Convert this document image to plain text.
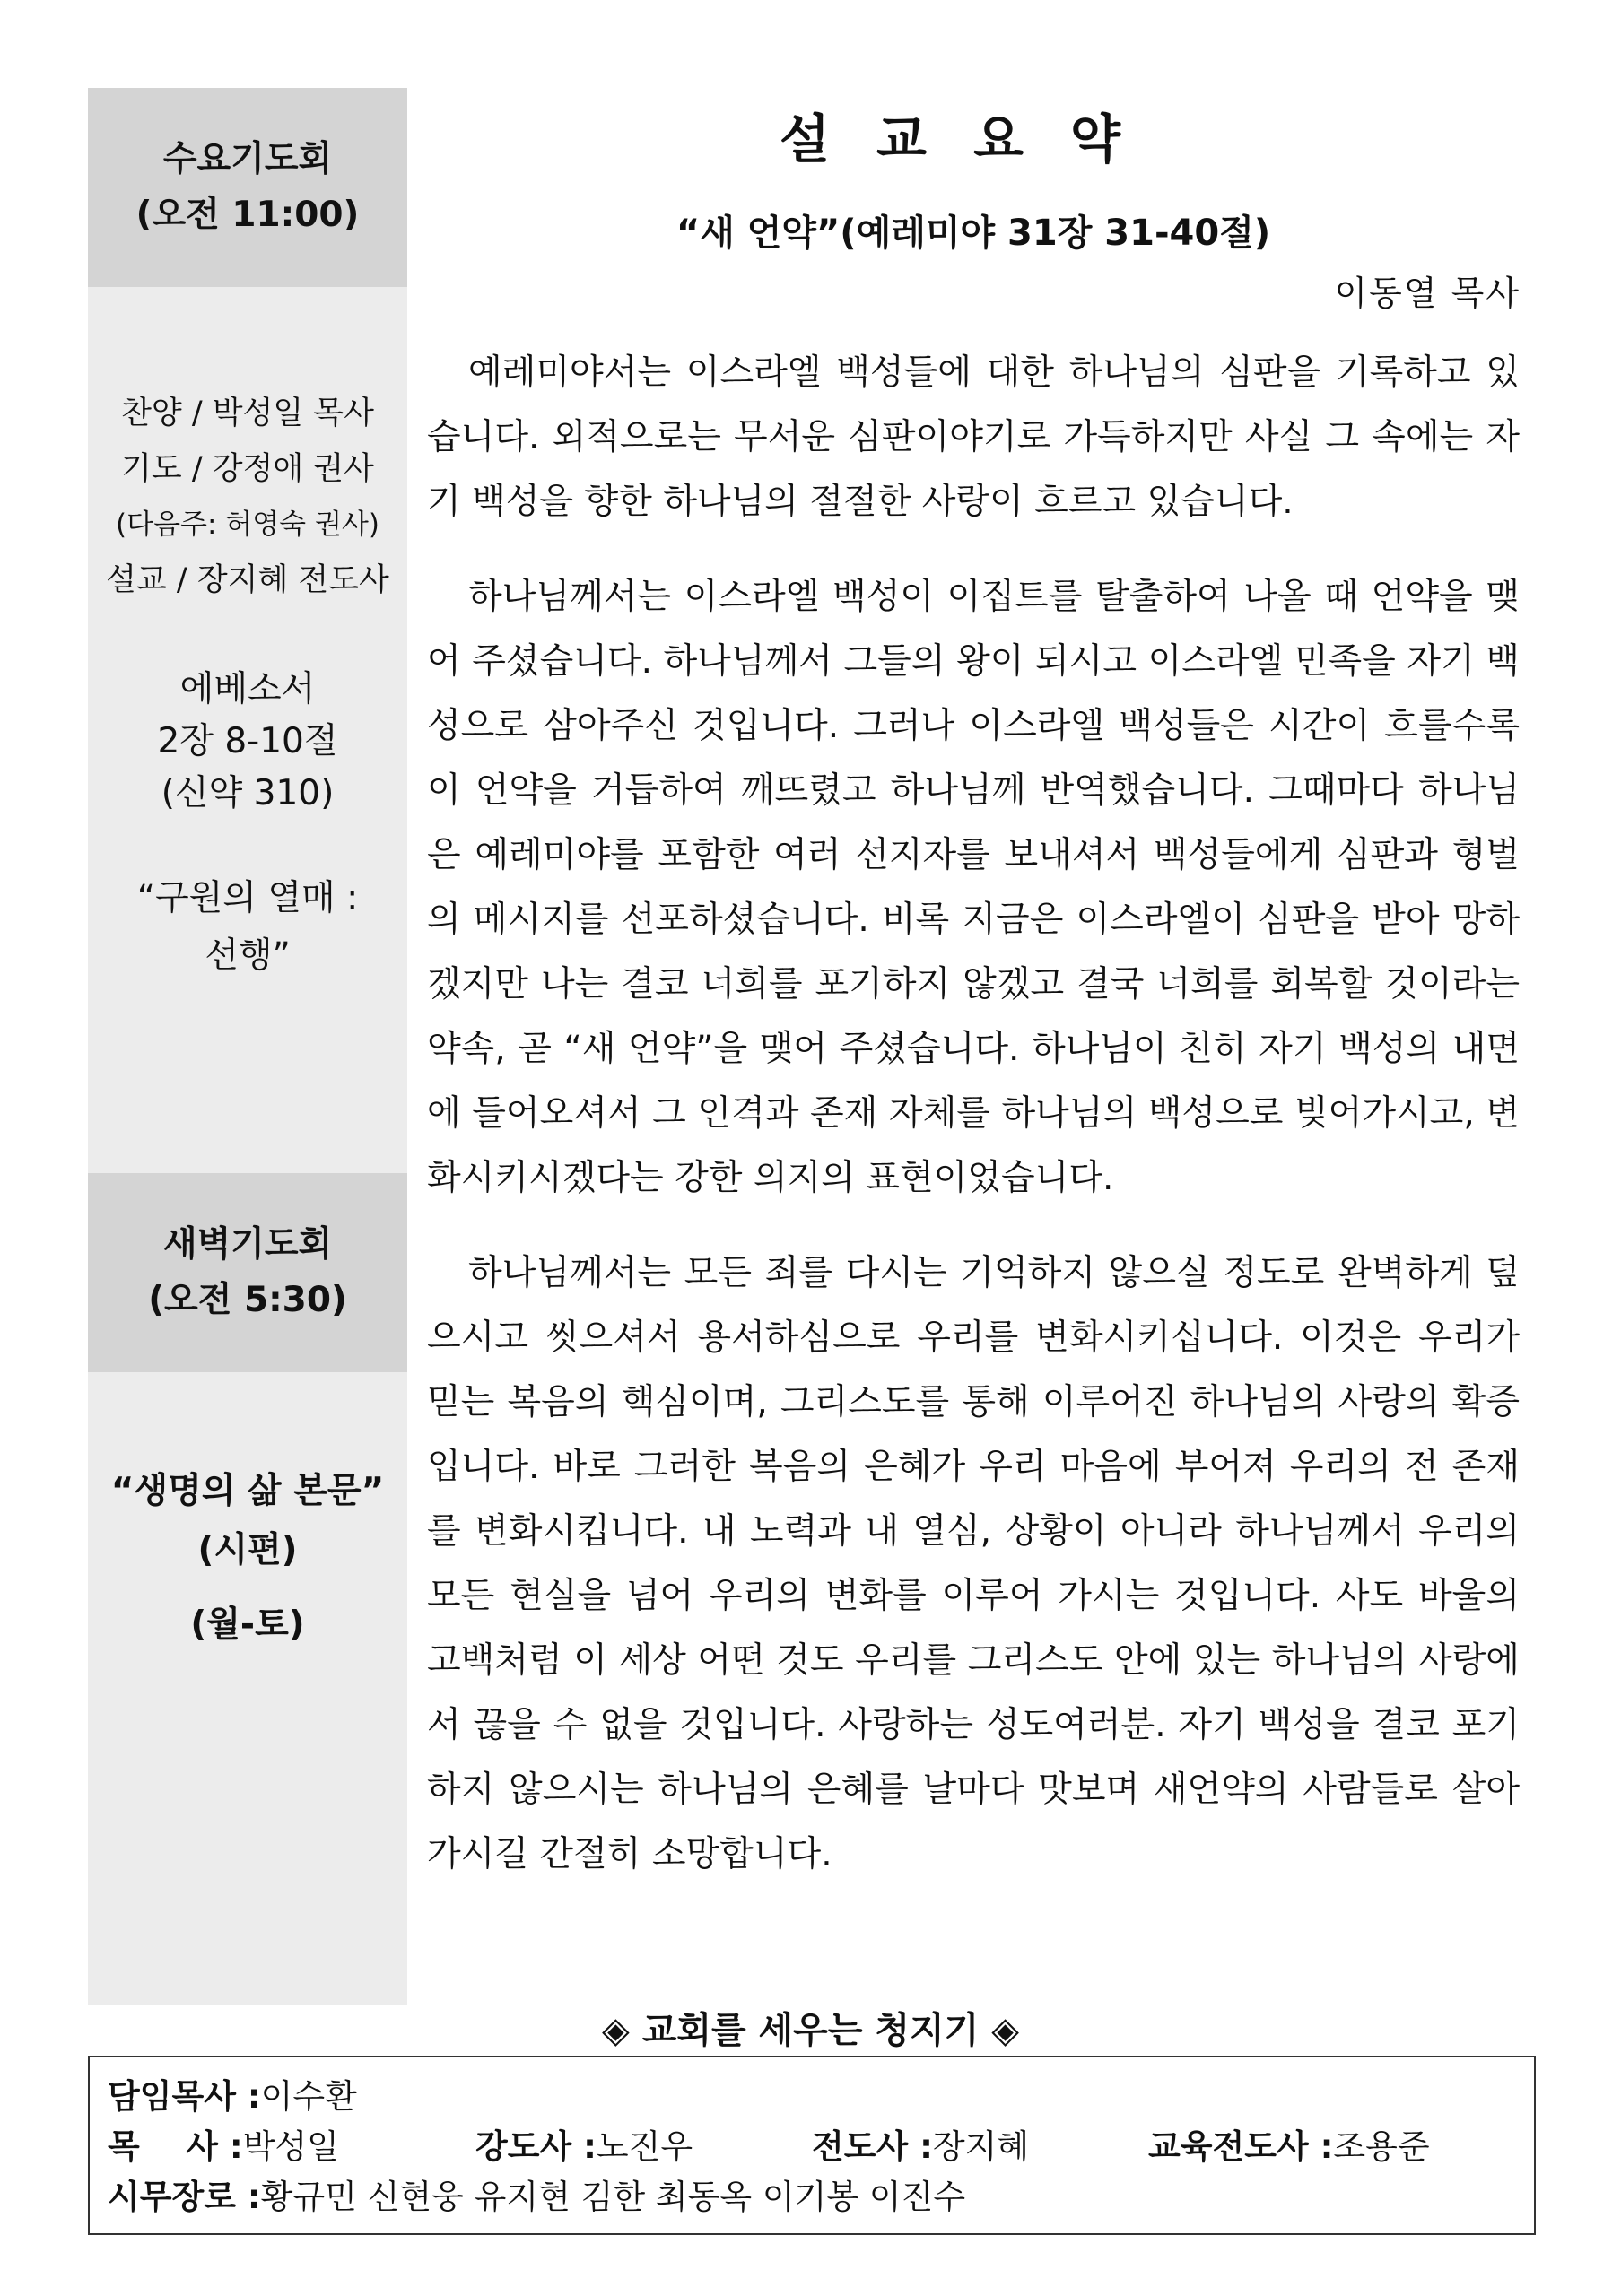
수요기도회
(오전 11:00)
찬양 / 박성일 목사
기도 / 강정애 권사
(다음주: 허영숙 권사)
설교 / 장지혜 전도사
에베소서
2장 8-10절
(신약 310)
“구원의 열매 :
선행”
새벽기도회
(오전 5:30)
“생명의 삶 본문”
(시편)
(월-토)
설교요약
“새 언약”(예레미야 31장 31-40절)
이동열 목사

예레미야서는 이스라엘 백성들에 대한 하나님의 심판을 기록하고 있습니다. 외적으로는 무서운 심판이야기로 가득하지만 사실 그 속에는 자기 백성을 향한 하나님의 절절한 사랑이 흐르고 있습니다.

하나님께서는 이스라엘 백성이 이집트를 탈출하여 나올 때 언약을 맺어 주셨습니다. 하나님께서 그들의 왕이 되시고 이스라엘 민족을 자기 백성으로 삼아주신 것입니다. 그러나 이스라엘 백성들은 시간이 흐를수록 이 언약을 거듭하여 깨뜨렸고 하나님께 반역했습니다. 그때마다 하나님은 예레미야를 포함한 여러 선지자를 보내셔서 백성들에게 심판과 형벌의 메시지를 선포하셨습니다. 비록 지금은 이스라엘이 심판을 받아 망하겠지만 나는 결코 너희를 포기하지 않겠고 결국 너희를 회복할 것이라는 약속, 곧 “새 언약”을 맺어 주셨습니다. 하나님이 친히 자기 백성의 내면에 들어오셔서 그 인격과 존재 자체를 하나님의 백성으로 빚어가시고, 변화시키시겠다는 강한 의지의 표현이었습니다.

하나님께서는 모든 죄를 다시는 기억하지 않으실 정도로 완벽하게 덮으시고 씻으셔서 용서하심으로 우리를 변화시키십니다. 이것은 우리가 믿는 복음의 핵심이며, 그리스도를 통해 이루어진 하나님의 사랑의 확증입니다. 바로 그러한 복음의 은혜가 우리 마음에 부어져 우리의 전 존재를 변화시킵니다. 내 노력과 내 열심, 상황이 아니라 하나님께서 우리의 모든 현실을 넘어 우리의 변화를 이루어 가시는 것입니다. 사도 바울의 고백처럼 이 세상 어떤 것도 우리를 그리스도 안에 있는 하나님의 사랑에서 끊을 수 없을 것입니다. 사랑하는 성도여러분. 자기 백성을 결코 포기하지 않으시는 하나님의 은혜를 날마다 맛보며 새언약의 사람들로 살아가시길 간절히 소망합니다.

◈ 교회를 세우는 청지기 ◈
담임목사 : 이수환
목    사 : 박성일	강도사 : 노진우	전도사 : 장지혜	교육전도사 : 조용준
시무장로 : 황규민 신현웅 유지현 김한 최동옥 이기봉 이진수
